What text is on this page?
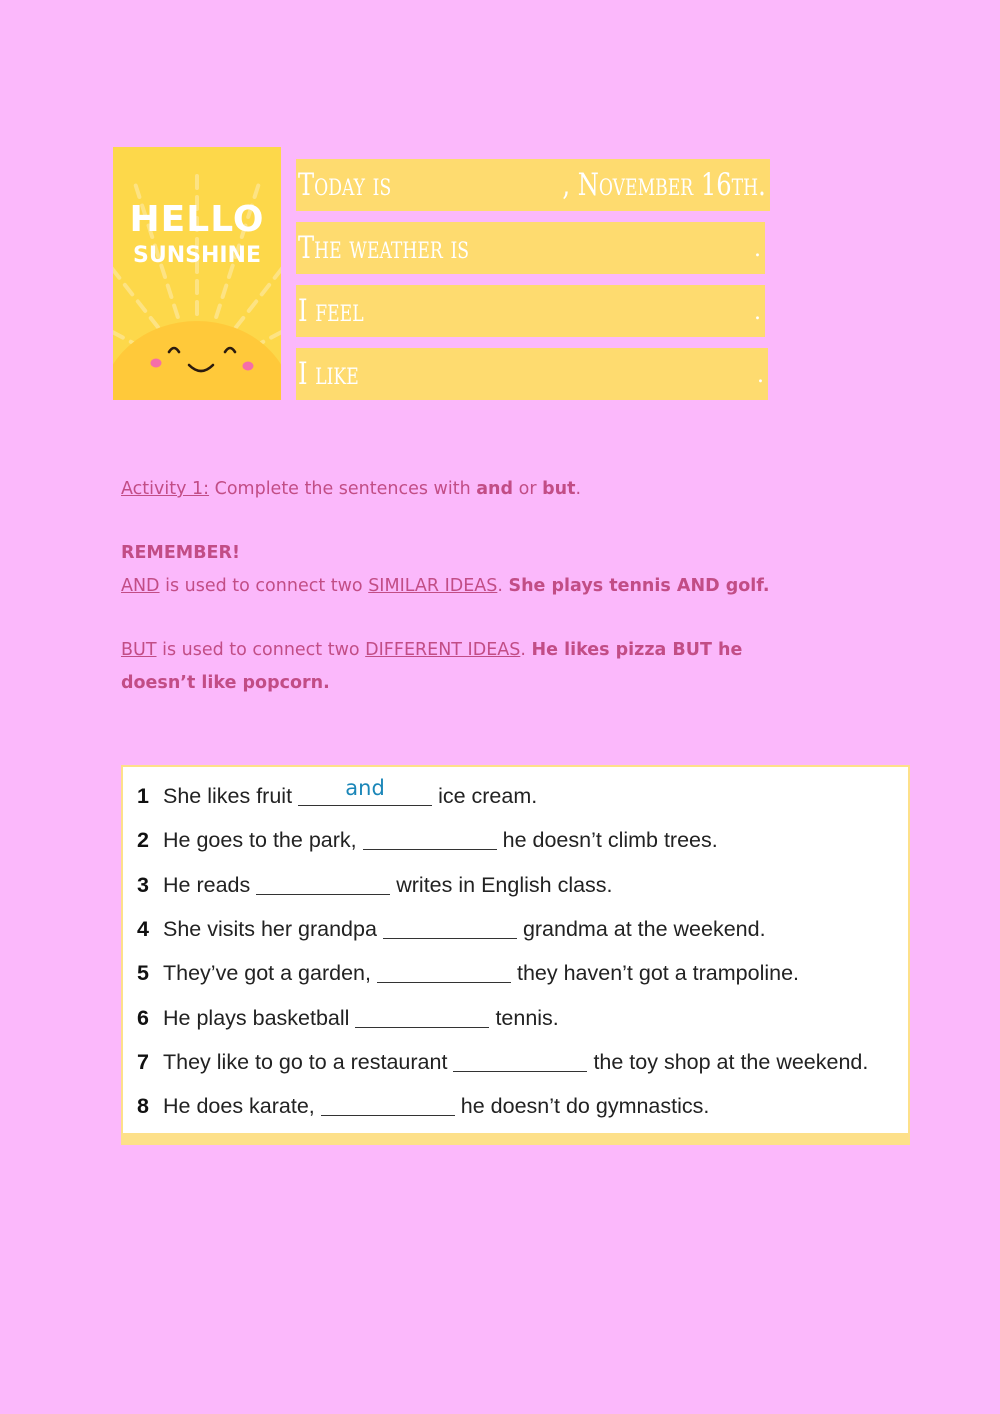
HELLO
SUNSHINE
Today is	, November 16th.
The weather is	.
I feel	.
I like	.
Activity 1: Complete the sentences with and or but.
REMEMBER!
AND is used to connect two SIMILAR IDEAS. She plays tennis AND golf.
BUT is used to connect two DIFFERENT IDEAS. He likes pizza BUT he
doesn’t like popcorn.
1 She likes fruit	and	ice cream.
2 He goes to the park,	he doesn’t climb trees.
3 He reads	writes in English class.
4 She visits her grandpa	grandma at the weekend.
5 They’ve got a garden,	they haven’t got a trampoline.
6 He plays basketball	tennis.
7 They like to go to a restaurant	the toy shop at the weekend.
8 He does karate,	he doesn’t do gymnastics.
